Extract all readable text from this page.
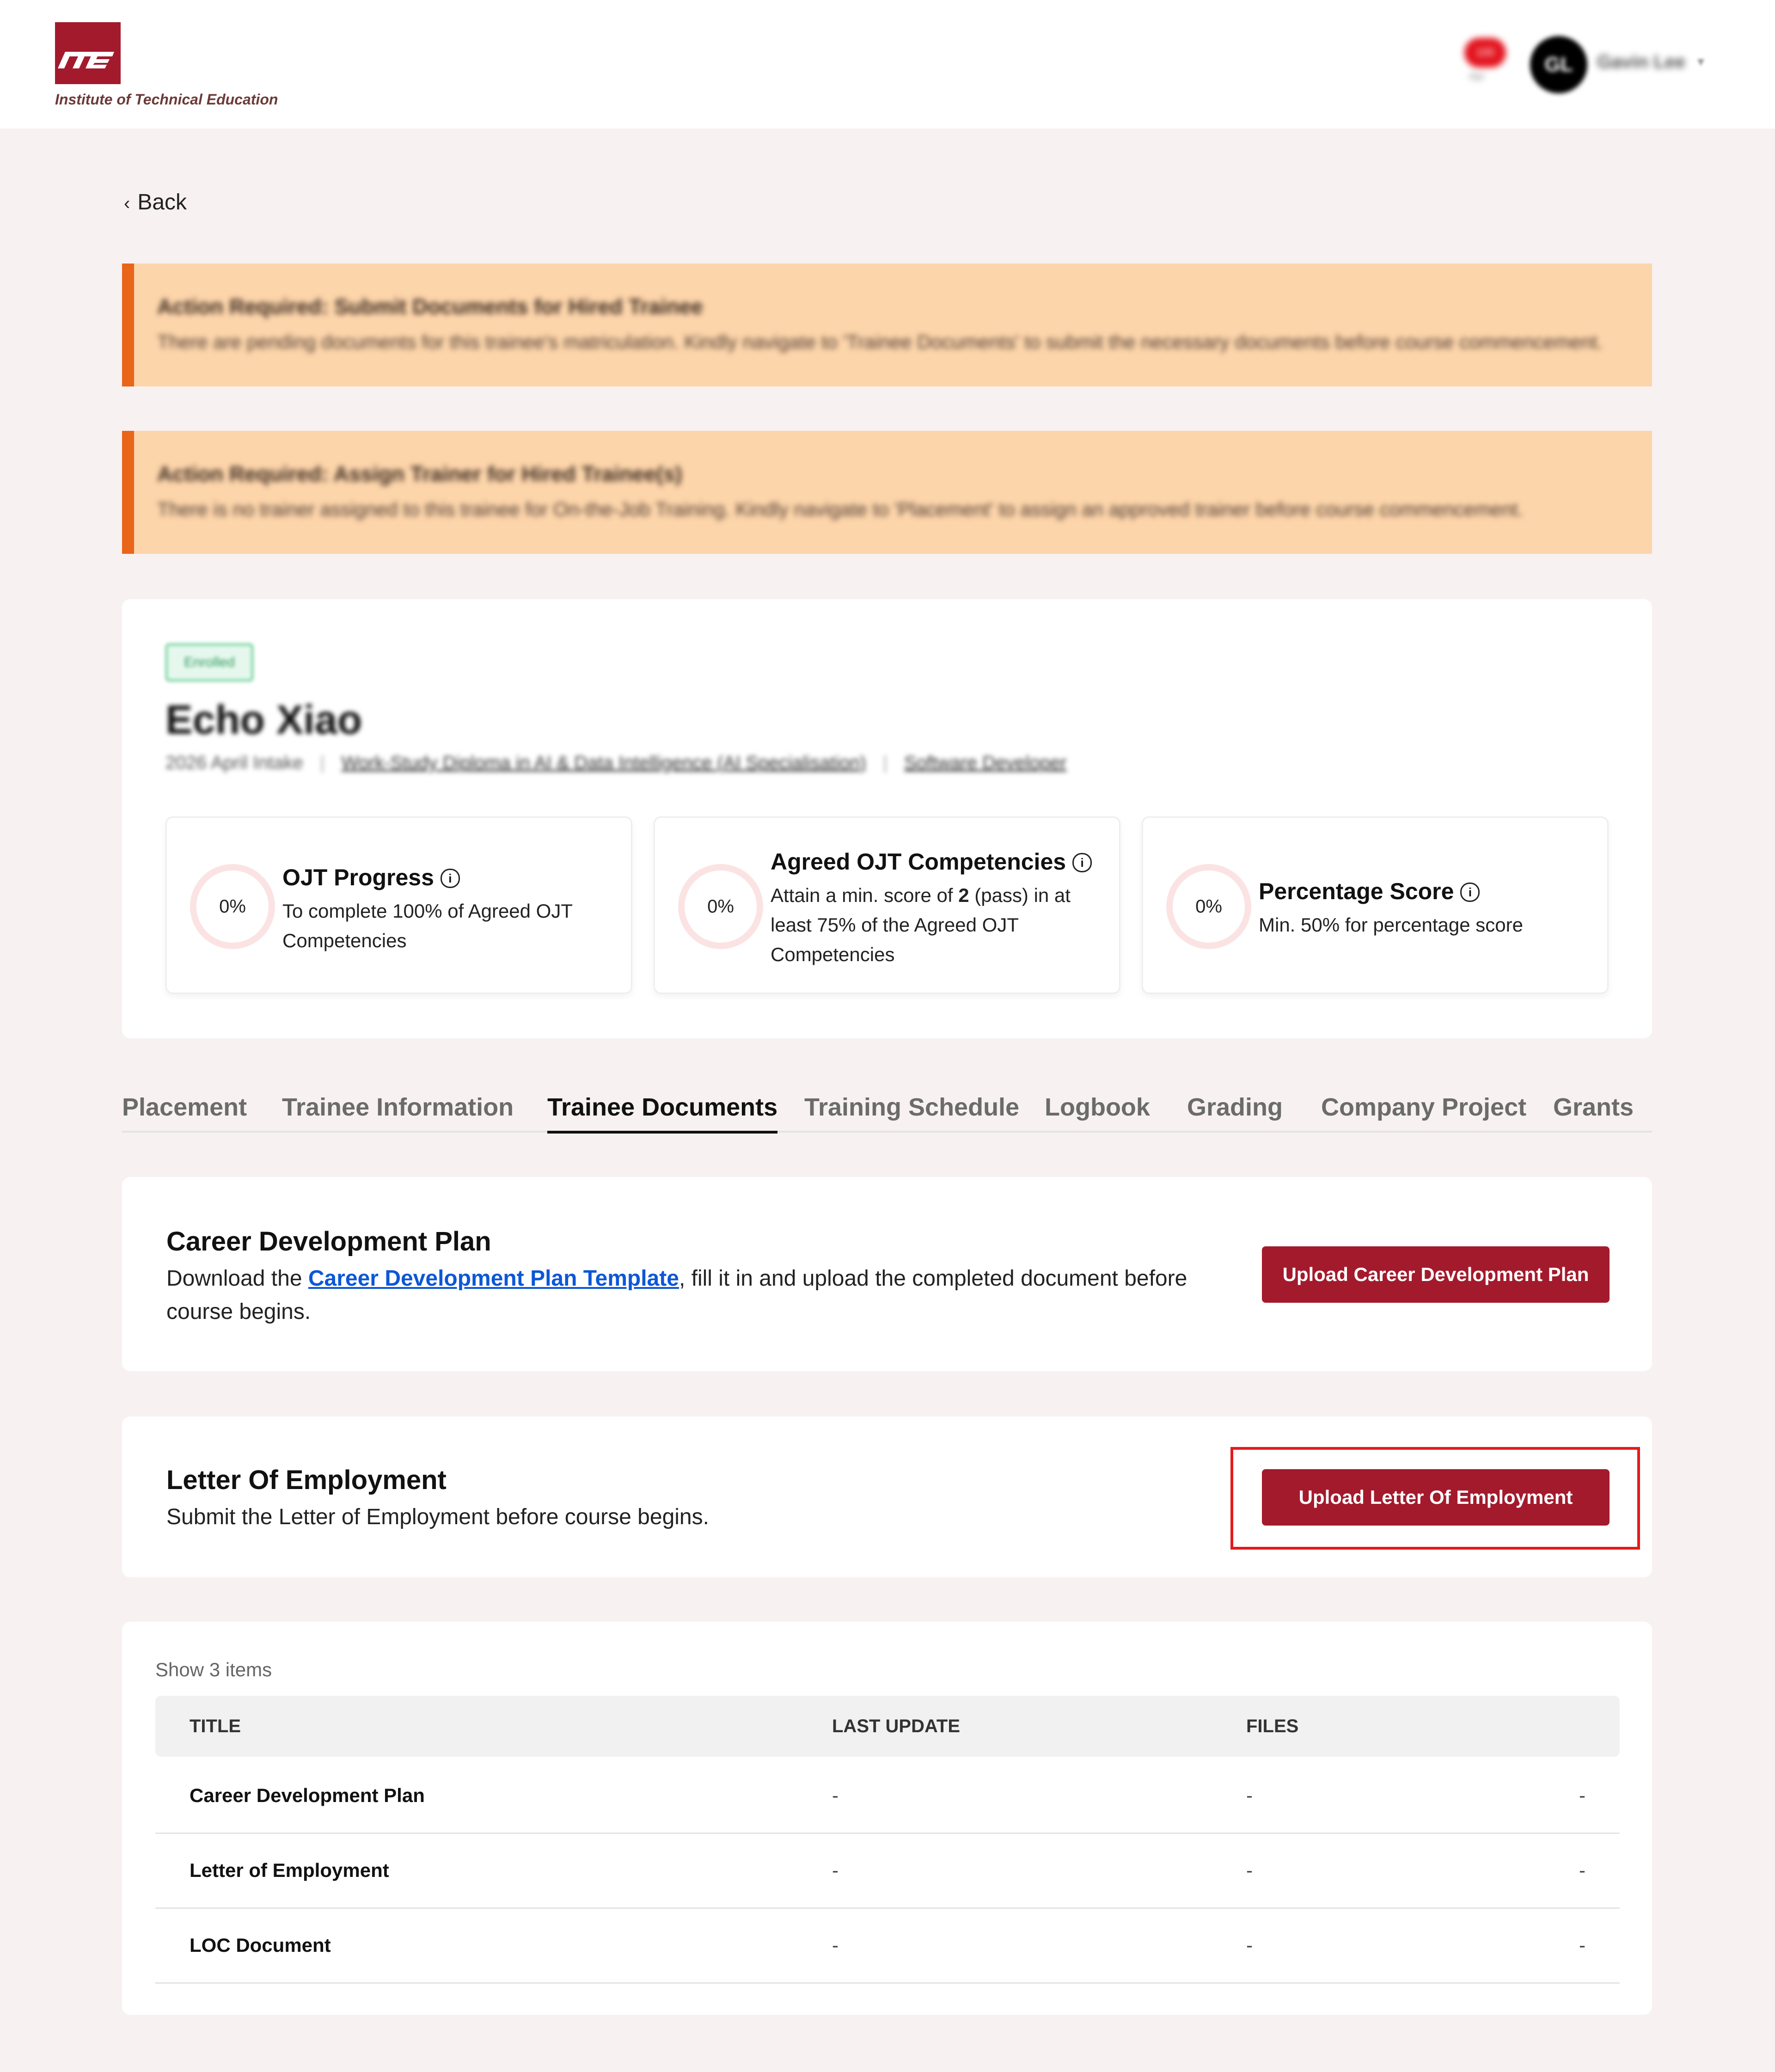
Institute of Technical Education
100
Apr
GL	Gavin Lee ▾
‹ Back
Action Required: Submit Documents for Hired Trainee
There are pending documents for this trainee's matriculation. Kindly navigate to 'Trainee Documents' to submit the necessary documents before course commencement.
Action Required: Assign Trainer for Hired Trainee(s)
There is no trainer assigned to this trainee for On-the-Job Training. Kindly navigate to 'Placement' to assign an approved trainer before course commencement.
Enrolled
Echo Xiao
2026 April Intake | Work-Study Diploma in AI & Data Intelligence (AI Specialisation) | Software Developer
0%
OJT Progress i
To complete 100% of Agreed OJT Competencies
0%
Agreed OJT Competencies i
Attain a min. score of 2 (pass) in at least 75% of the Agreed OJT Competencies
0%
Percentage Score i
Min. 50% for percentage score
Placement Trainee Information Trainee Documents Training Schedule Logbook Grading Company Project Grants
Career Development Plan
Download the Career Development Plan Template, fill it in and upload the completed document before course begins.
Upload Career Development Plan
Letter Of Employment
Submit the Letter of Employment before course begins.
Upload Letter Of Employment
Show 3 items
TITLE	LAST UPDATE	FILES
Career Development Plan	-	-	-
Letter of Employment	-	-	-
LOC Document	-	-	-
